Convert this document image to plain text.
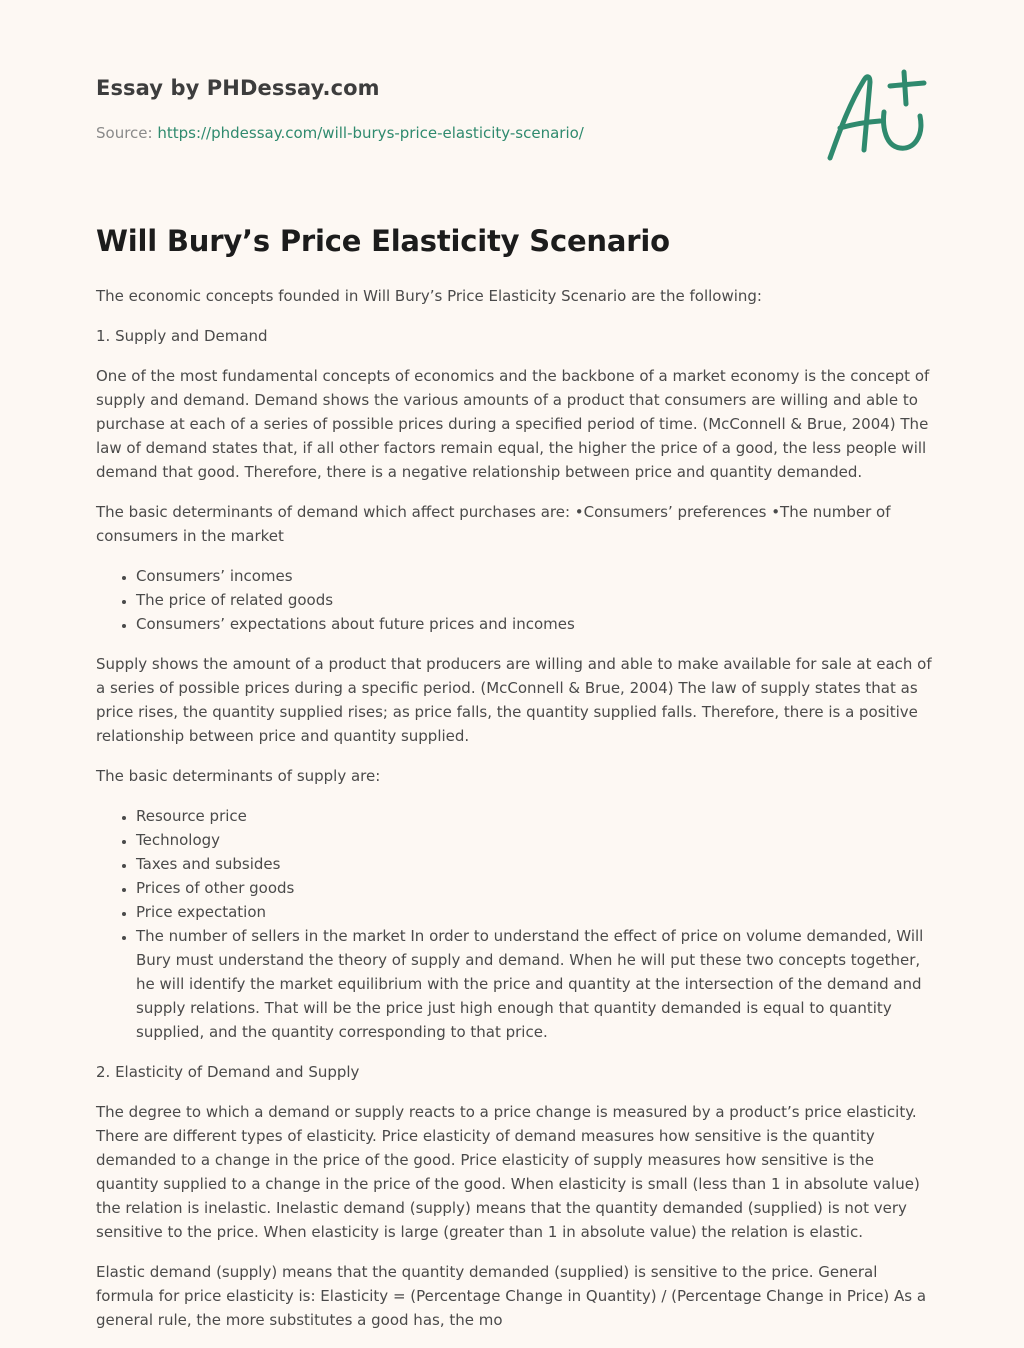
Essay by PHDessay.com
Source: https://phdessay.com/will-burys-price-elasticity-scenario/
Will Bury’s Price Elasticity Scenario

The economic concepts founded in Will Bury’s Price Elasticity Scenario are the following:

1. Supply and Demand

One of the most fundamental concepts of economics and the backbone of a market economy is the concept of supply and demand. Demand shows the various amounts of a product that consumers are willing and able to purchase at each of a series of possible prices during a specified period of time. (McConnell & Brue, 2004) The law of demand states that, if all other factors remain equal, the higher the price of a good, the less people will demand that good. Therefore, there is a negative relationship between price and quantity demanded.

The basic determinants of demand which affect purchases are: •Consumers’ preferences •The number of consumers in the market

• Consumers’ incomes
• The price of related goods
• Consumers’ expectations about future prices and incomes

Supply shows the amount of a product that producers are willing and able to make available for sale at each of a series of possible prices during a specific period. (McConnell & Brue, 2004) The law of supply states that as price rises, the quantity supplied rises; as price falls, the quantity supplied falls. Therefore, there is a positive relationship between price and quantity supplied.

The basic determinants of supply are:

• Resource price
• Technology
• Taxes and subsides
• Prices of other goods
• Price expectation
• The number of sellers in the market In order to understand the effect of price on volume demanded, Will Bury must understand the theory of supply and demand. When he will put these two concepts together, he will identify the market equilibrium with the price and quantity at the intersection of the demand and supply relations. That will be the price just high enough that quantity demanded is equal to quantity supplied, and the quantity corresponding to that price.

2. Elasticity of Demand and Supply

The degree to which a demand or supply reacts to a price change is measured by a product’s price elasticity. There are different types of elasticity. Price elasticity of demand measures how sensitive is the quantity demanded to a change in the price of the good. Price elasticity of supply measures how sensitive is the quantity supplied to a change in the price of the good. When elasticity is small (less than 1 in absolute value) the relation is inelastic. Inelastic demand (supply) means that the quantity demanded (supplied) is not very sensitive to the price. When elasticity is large (greater than 1 in absolute value) the relation is elastic.

Elastic demand (supply) means that the quantity demanded (supplied) is sensitive to the price. General formula for price elasticity is: Elasticity = (Percentage Change in Quantity) / (Percentage Change in Price) As a general rule, the more substitutes a good has, the mo
